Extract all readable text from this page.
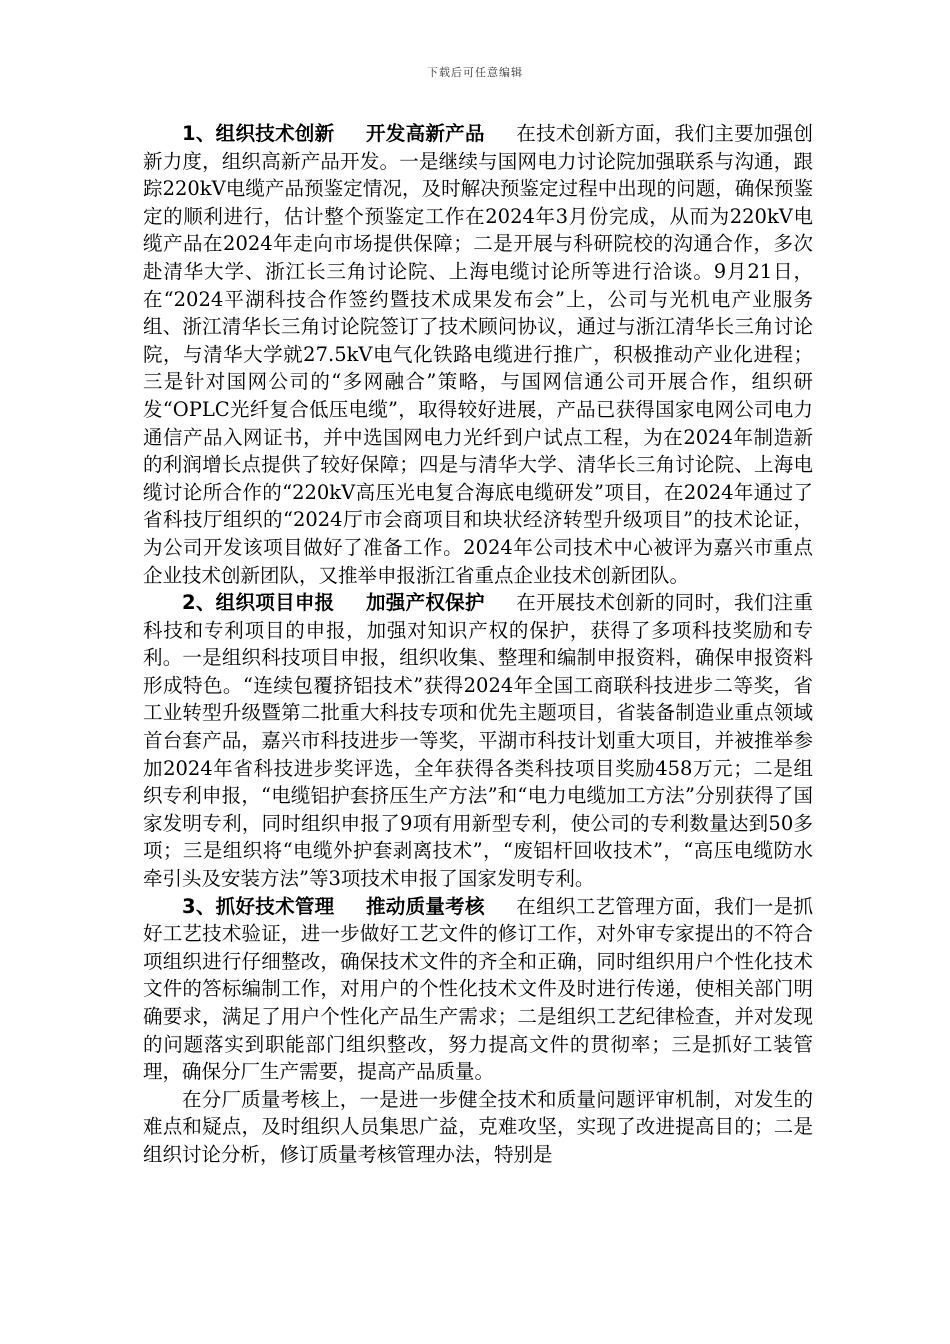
下载后可任意编辑

1、组织技术创新 开发高新产品 在技术创新方面，我们主要加强创新力度，组织高新产品开发。一是继续与国网电力讨论院加强联系与沟通，跟踪220kV电缆产品预鉴定情况，及时解决预鉴定过程中出现的问题，确保预鉴定的顺利进行，估计整个预鉴定工作在2024年3月份完成，从而为220kV电缆产品在2024年走向市场提供保障；二是开展与科研院校的沟通合作，多次赴清华大学、浙江长三角讨论院、上海电缆讨论所等进行洽谈。9月21日，在“2024平湖科技合作签约暨技术成果发布会”上，公司与光机电产业服务组、浙江清华长三角讨论院签订了技术顾问协议，通过与浙江清华长三角讨论院，与清华大学就27.5kV电气化铁路电缆进行推广，积极推动产业化进程；三是针对国网公司的“多网融合”策略，与国网信通公司开展合作，组织研发“OPLC光纤复合低压电缆”，取得较好进展，产品已获得国家电网公司电力通信产品入网证书，并中选国网电力光纤到户试点工程，为在2024年制造新的利润增长点提供了较好保障；四是与清华大学、清华长三角讨论院、上海电缆讨论所合作的“220kV高压光电复合海底电缆研发”项目，在2024年通过了省科技厅组织的“2024厅市会商项目和块状经济转型升级项目”的技术论证，为公司开发该项目做好了准备工作。2024年公司技术中心被评为嘉兴市重点企业技术创新团队，又推举申报浙江省重点企业技术创新团队。

2、组织项目申报 加强产权保护 在开展技术创新的同时，我们注重科技和专利项目的申报，加强对知识产权的保护，获得了多项科技奖励和专利。一是组织科技项目申报，组织收集、整理和编制申报资料，确保申报资料形成特色。“连续包覆挤铝技术”获得2024年全国工商联科技进步二等奖，省工业转型升级暨第二批重大科技专项和优先主题项目，省装备制造业重点领域首台套产品，嘉兴市科技进步一等奖，平湖市科技计划重大项目，并被推举参加2024年省科技进步奖评选，全年获得各类科技项目奖励458万元；二是组织专利申报，“电缆铝护套挤压生产方法”和“电力电缆加工方法”分别获得了国家发明专利，同时组织申报了9项有用新型专利，使公司的专利数量达到50多项；三是组织将“电缆外护套剥离技术”，“废铝杆回收技术”，“高压电缆防水牵引头及安装方法”等3项技术申报了国家发明专利。

3、抓好技术管理 推动质量考核 在组织工艺管理方面，我们一是抓好工艺技术验证，进一步做好工艺文件的修订工作，对外审专家提出的不符合项组织进行仔细整改，确保技术文件的齐全和正确，同时组织用户个性化技术文件的答标编制工作，对用户的个性化技术文件及时进行传递，使相关部门明确要求，满足了用户个性化产品生产需求；二是组织工艺纪律检查，并对发现的问题落实到职能部门组织整改，努力提高文件的贯彻率；三是抓好工装管理，确保分厂生产需要，提高产品质量。

在分厂质量考核上，一是进一步健全技术和质量问题评审机制，对发生的难点和疑点，及时组织人员集思广益，克难攻坚，实现了改进提高目的；二是组织讨论分析，修订质量考核管理办法，特别是
